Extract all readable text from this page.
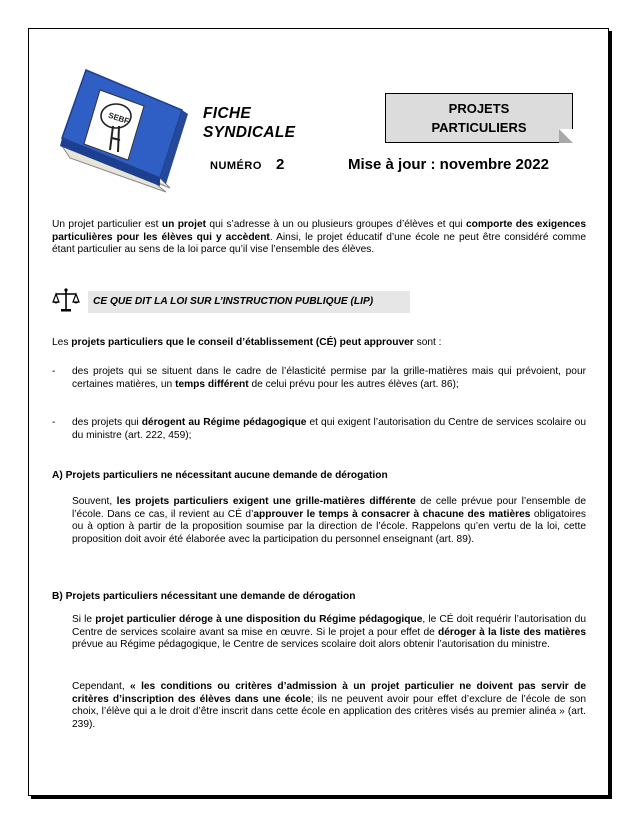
SEBF	FICHE
SYNDICALE
PROJETS
PARTICULIERS
NUMÉRO 2	Mise à jour : novembre 2022
Un projet particulier est un projet qui s’adresse à un ou plusieurs groupes d’élèves et qui comporte des exigences particulières pour les élèves qui y accèdent. Ainsi, le projet éducatif d’une école ne peut être considéré comme étant particulier au sens de la loi parce qu’il vise l’ensemble des élèves.
CE QUE DIT LA LOI SUR L’INSTRUCTION PUBLIQUE (LIP)
Les projets particuliers que le conseil d’établissement (CÉ) peut approuver sont :
- des projets qui se situent dans le cadre de l’élasticité permise par la grille-matières mais qui prévoient, pour certaines matières, un temps différent de celui prévu pour les autres élèves (art. 86);
- des projets qui dérogent au Régime pédagogique et qui exigent l’autorisation du Centre de services scolaire ou du ministre (art. 222, 459);
A) Projets particuliers ne nécessitant aucune demande de dérogation
Souvent, les projets particuliers exigent une grille-matières différente de celle prévue pour l’ensemble de l’école. Dans ce cas, il revient au CÉ d’approuver le temps à consacrer à chacune des matières obligatoires ou à option à partir de la proposition soumise par la direction de l’école. Rappelons qu’en vertu de la loi, cette proposition doit avoir été élaborée avec la participation du personnel enseignant (art. 89).
B) Projets particuliers nécessitant une demande de dérogation
Si le projet particulier déroge à une disposition du Régime pédagogique, le CÉ doit requérir l’autorisation du Centre de services scolaire avant sa mise en œuvre. Si le projet a pour effet de déroger à la liste des matières prévue au Régime pédagogique, le Centre de services scolaire doit alors obtenir l’autorisation du ministre.
Cependant, « les conditions ou critères d’admission à un projet particulier ne doivent pas servir de critères d’inscription des élèves dans une école; ils ne peuvent avoir pour effet d’exclure de l’école de son choix, l’élève qui a le droit d’être inscrit dans cette école en application des critères visés au premier alinéa » (art. 239).
